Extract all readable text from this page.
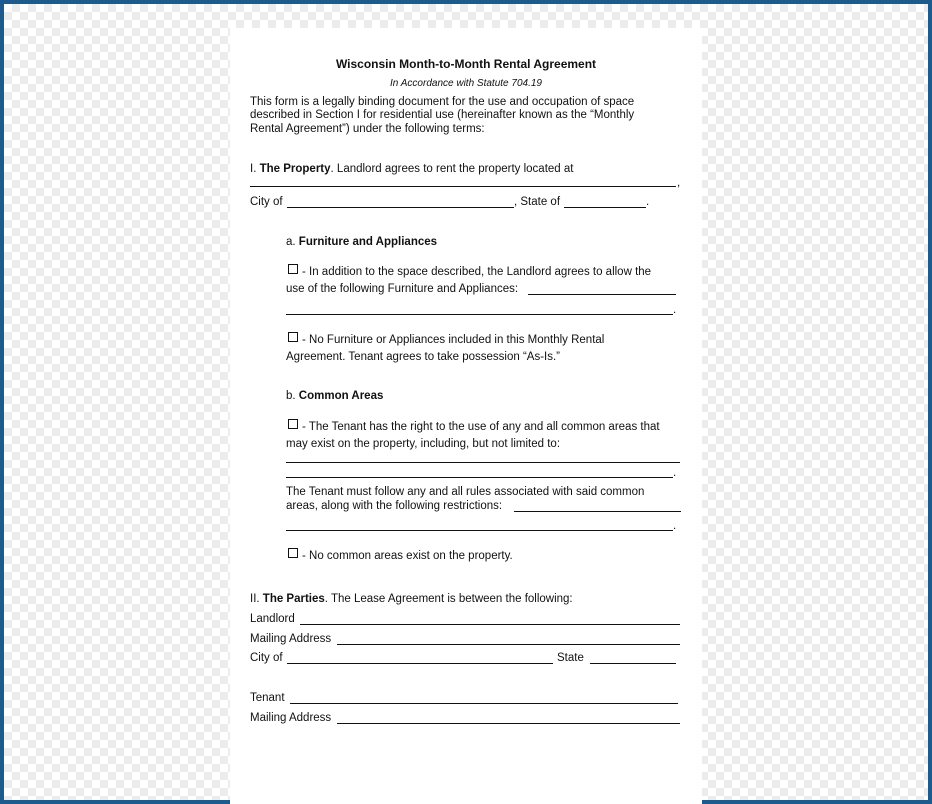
Wisconsin Month-to-Month Rental Agreement
In Accordance with Statute 704.19
This form is a legally binding document for the use and occupation of space
described in Section I for residential use (hereinafter known as the “Monthly
Rental Agreement”) under the following terms:
I. The Property. Landlord agrees to rent the property located at
,
City of	, State of	.
a. Furniture and Appliances
- In addition to the space described, the Landlord agrees to allow the
use of the following Furniture and Appliances:
.
- No Furniture or Appliances included in this Monthly Rental
Agreement. Tenant agrees to take possession “As-Is.”
b. Common Areas
- The Tenant has the right to the use of any and all common areas that
may exist on the property, including, but not limited to:
.
The Tenant must follow any and all rules associated with said common
areas, along with the following restrictions:
.
- No common areas exist on the property.
II. The Parties. The Lease Agreement is between the following:
Landlord
Mailing Address
City of	State
Tenant
Mailing Address
